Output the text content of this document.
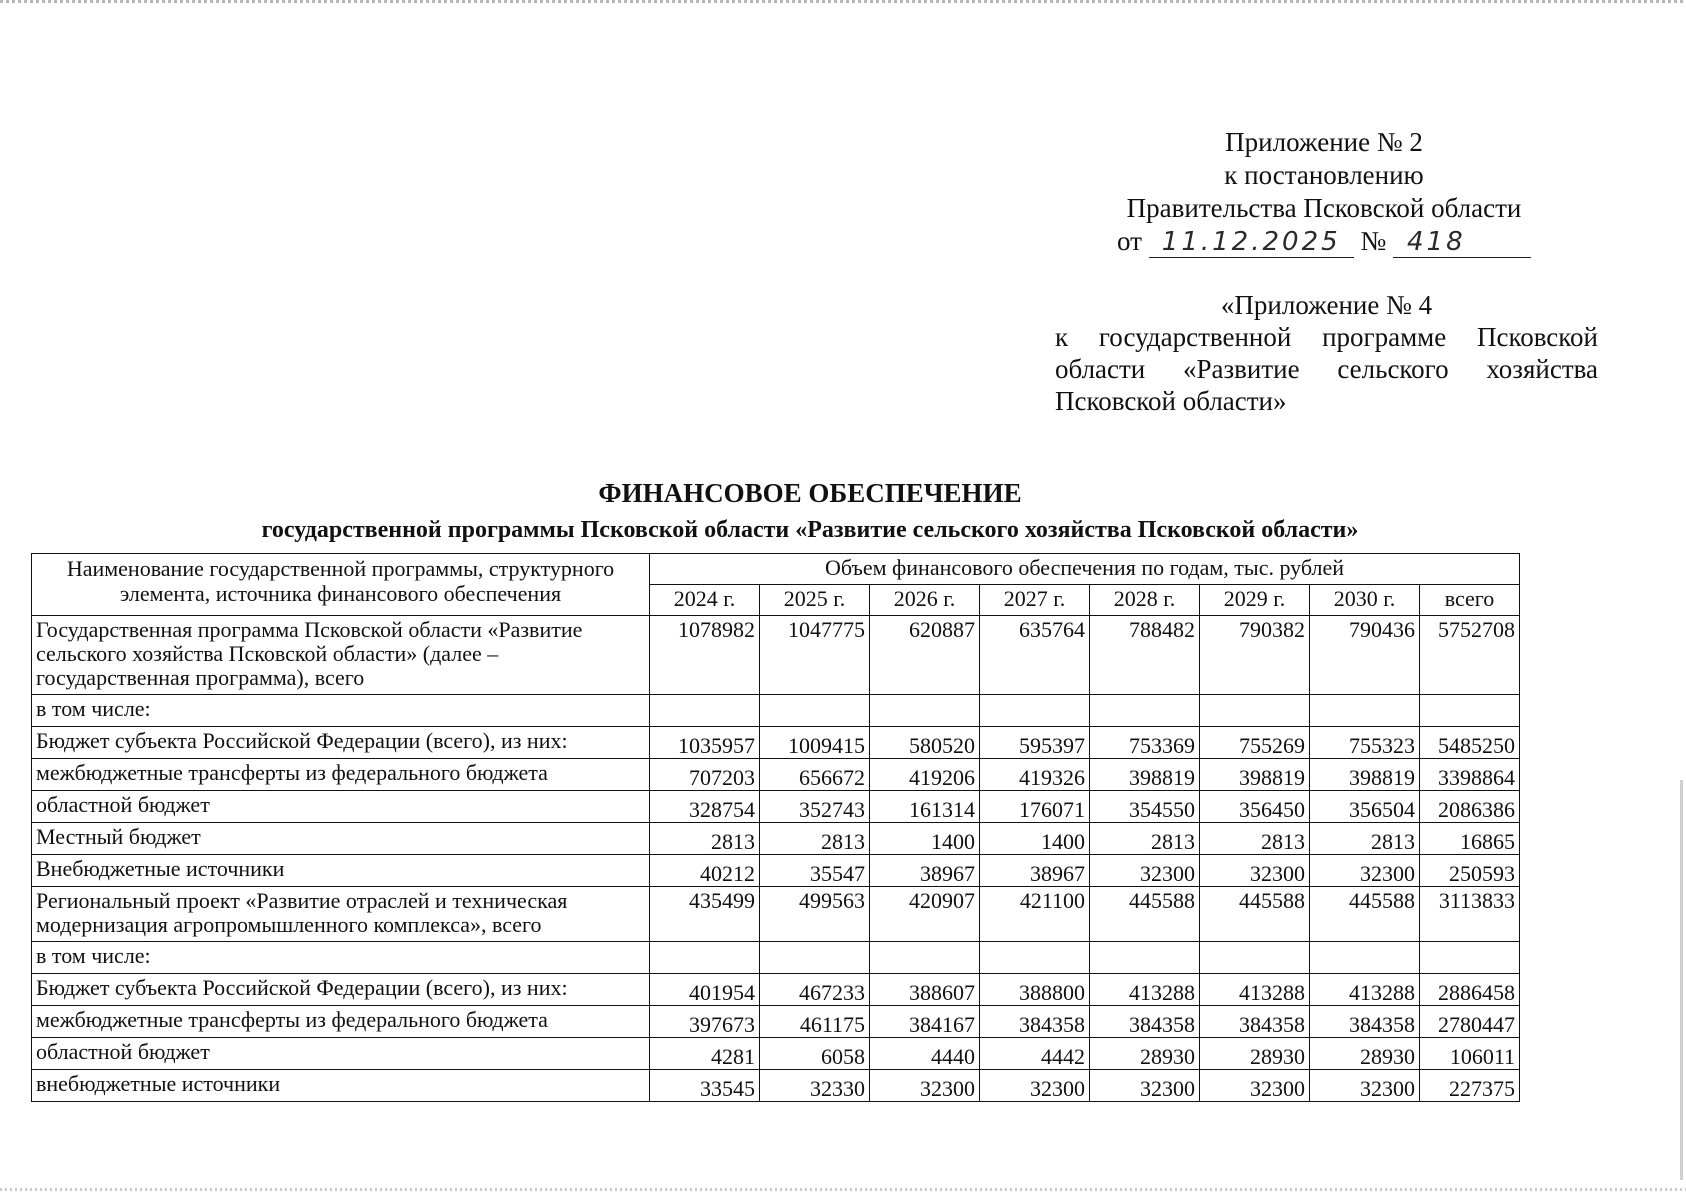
Приложение № 2
к постановлению
Правительства Псковской области
от 11.12.2025 № 418
«Приложение № 4
к государственной программе Псковской области «Развитие сельского хозяйства Псковской области»
ФИНАНСОВОЕ ОБЕСПЕЧЕНИЕ
государственной программы Псковской области «Развитие сельского хозяйства Псковской области»
Наименование государственной программы, структурного элемента, источника финансового обеспечения	Объем финансового обеспечения по годам, тыс. рублей							
	2024 г.	2025 г.	2026 г.	2027 г.	2028 г.	2029 г.	2030 г.	всего
Государственная программа Псковской области «Развитие сельского хозяйства Псковской области» (далее – государственная программа), всего	1078982	1047775	620887	635764	788482	790382	790436	5752708
в том числе:								
Бюджет субъекта Российской Федерации (всего), из них:	1035957	1009415	580520	595397	753369	755269	755323	5485250
межбюджетные трансферты из федерального бюджета	707203	656672	419206	419326	398819	398819	398819	3398864
областной бюджет	328754	352743	161314	176071	354550	356450	356504	2086386
Местный бюджет	2813	2813	1400	1400	2813	2813	2813	16865
Внебюджетные источники	40212	35547	38967	38967	32300	32300	32300	250593
Региональный проект «Развитие отраслей и техническая модернизация агропромышленного комплекса», всего	435499	499563	420907	421100	445588	445588	445588	3113833
в том числе:								
Бюджет субъекта Российской Федерации (всего), из них:	401954	467233	388607	388800	413288	413288	413288	2886458
межбюджетные трансферты из федерального бюджета	397673	461175	384167	384358	384358	384358	384358	2780447
областной бюджет	4281	6058	4440	4442	28930	28930	28930	106011
внебюджетные источники	33545	32330	32300	32300	32300	32300	32300	227375
